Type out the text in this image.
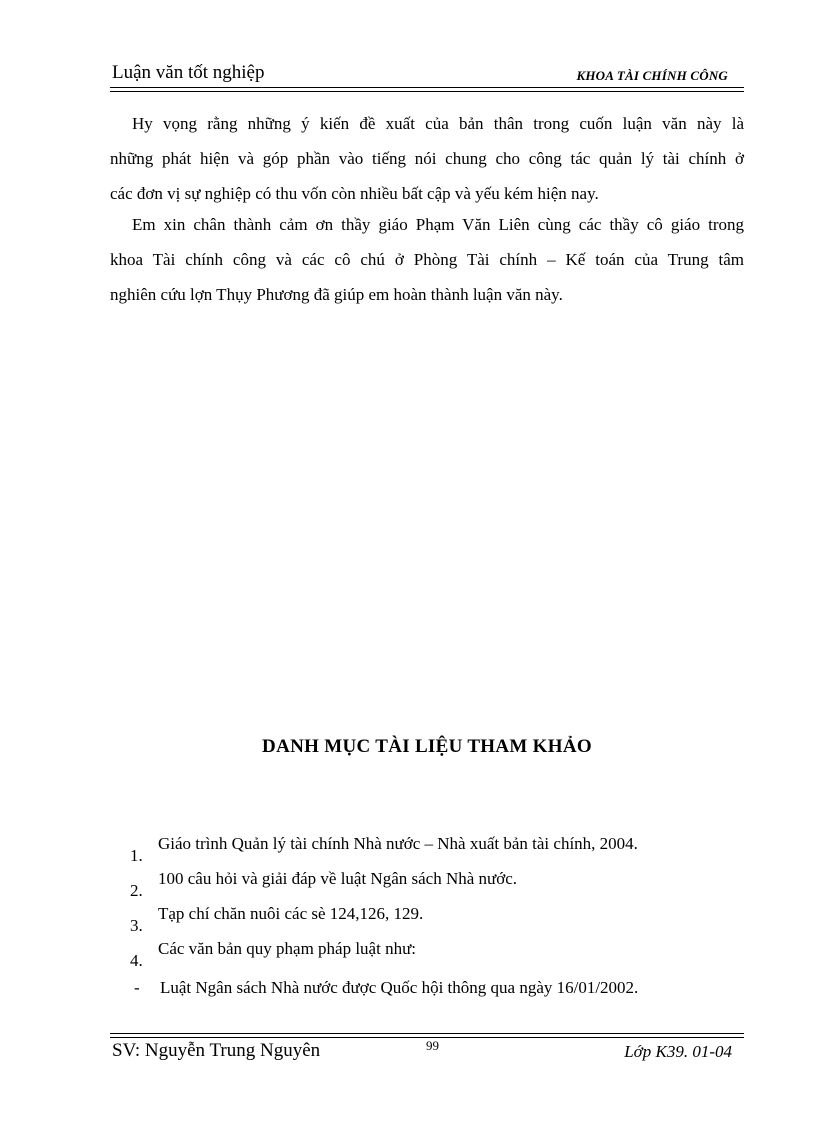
Luận văn tốt nghiệp	KHOA TÀI CHÍNH CÔNG
Hy vọng rằng những ý kiến đề xuất của bản thân trong cuốn luận văn này là
những phát hiện và góp phần vào tiếng nói chung cho công tác quản lý tài chính ở
các đơn vị sự nghiệp có thu vốn còn nhiều bất cập và yếu kém hiện nay.
Em xin chân thành cảm ơn thầy giáo Phạm Văn Liên cùng các thầy cô giáo trong
khoa Tài chính công và các cô chú ở Phòng Tài chính – Kế toán của Trung tâm
nghiên cứu lợn Thụy Phương đã giúp em hoàn thành luận văn này.
DANH MỤC TÀI LIỆU THAM KHẢO
1.
Giáo trình Quản lý tài chính Nhà nước – Nhà xuất bản tài chính, 2004.
2.
100 câu hỏi và giải đáp về luật Ngân sách Nhà nước.
3.
Tạp chí chăn nuôi các sè 124,126, 129.
4.
Các văn bản quy phạm pháp luật như:
- Luật Ngân sách Nhà nước được Quốc hội thông qua ngày 16/01/2002.
SV: Nguyễn Trung Nguyên	99	Lớp K39. 01-04
